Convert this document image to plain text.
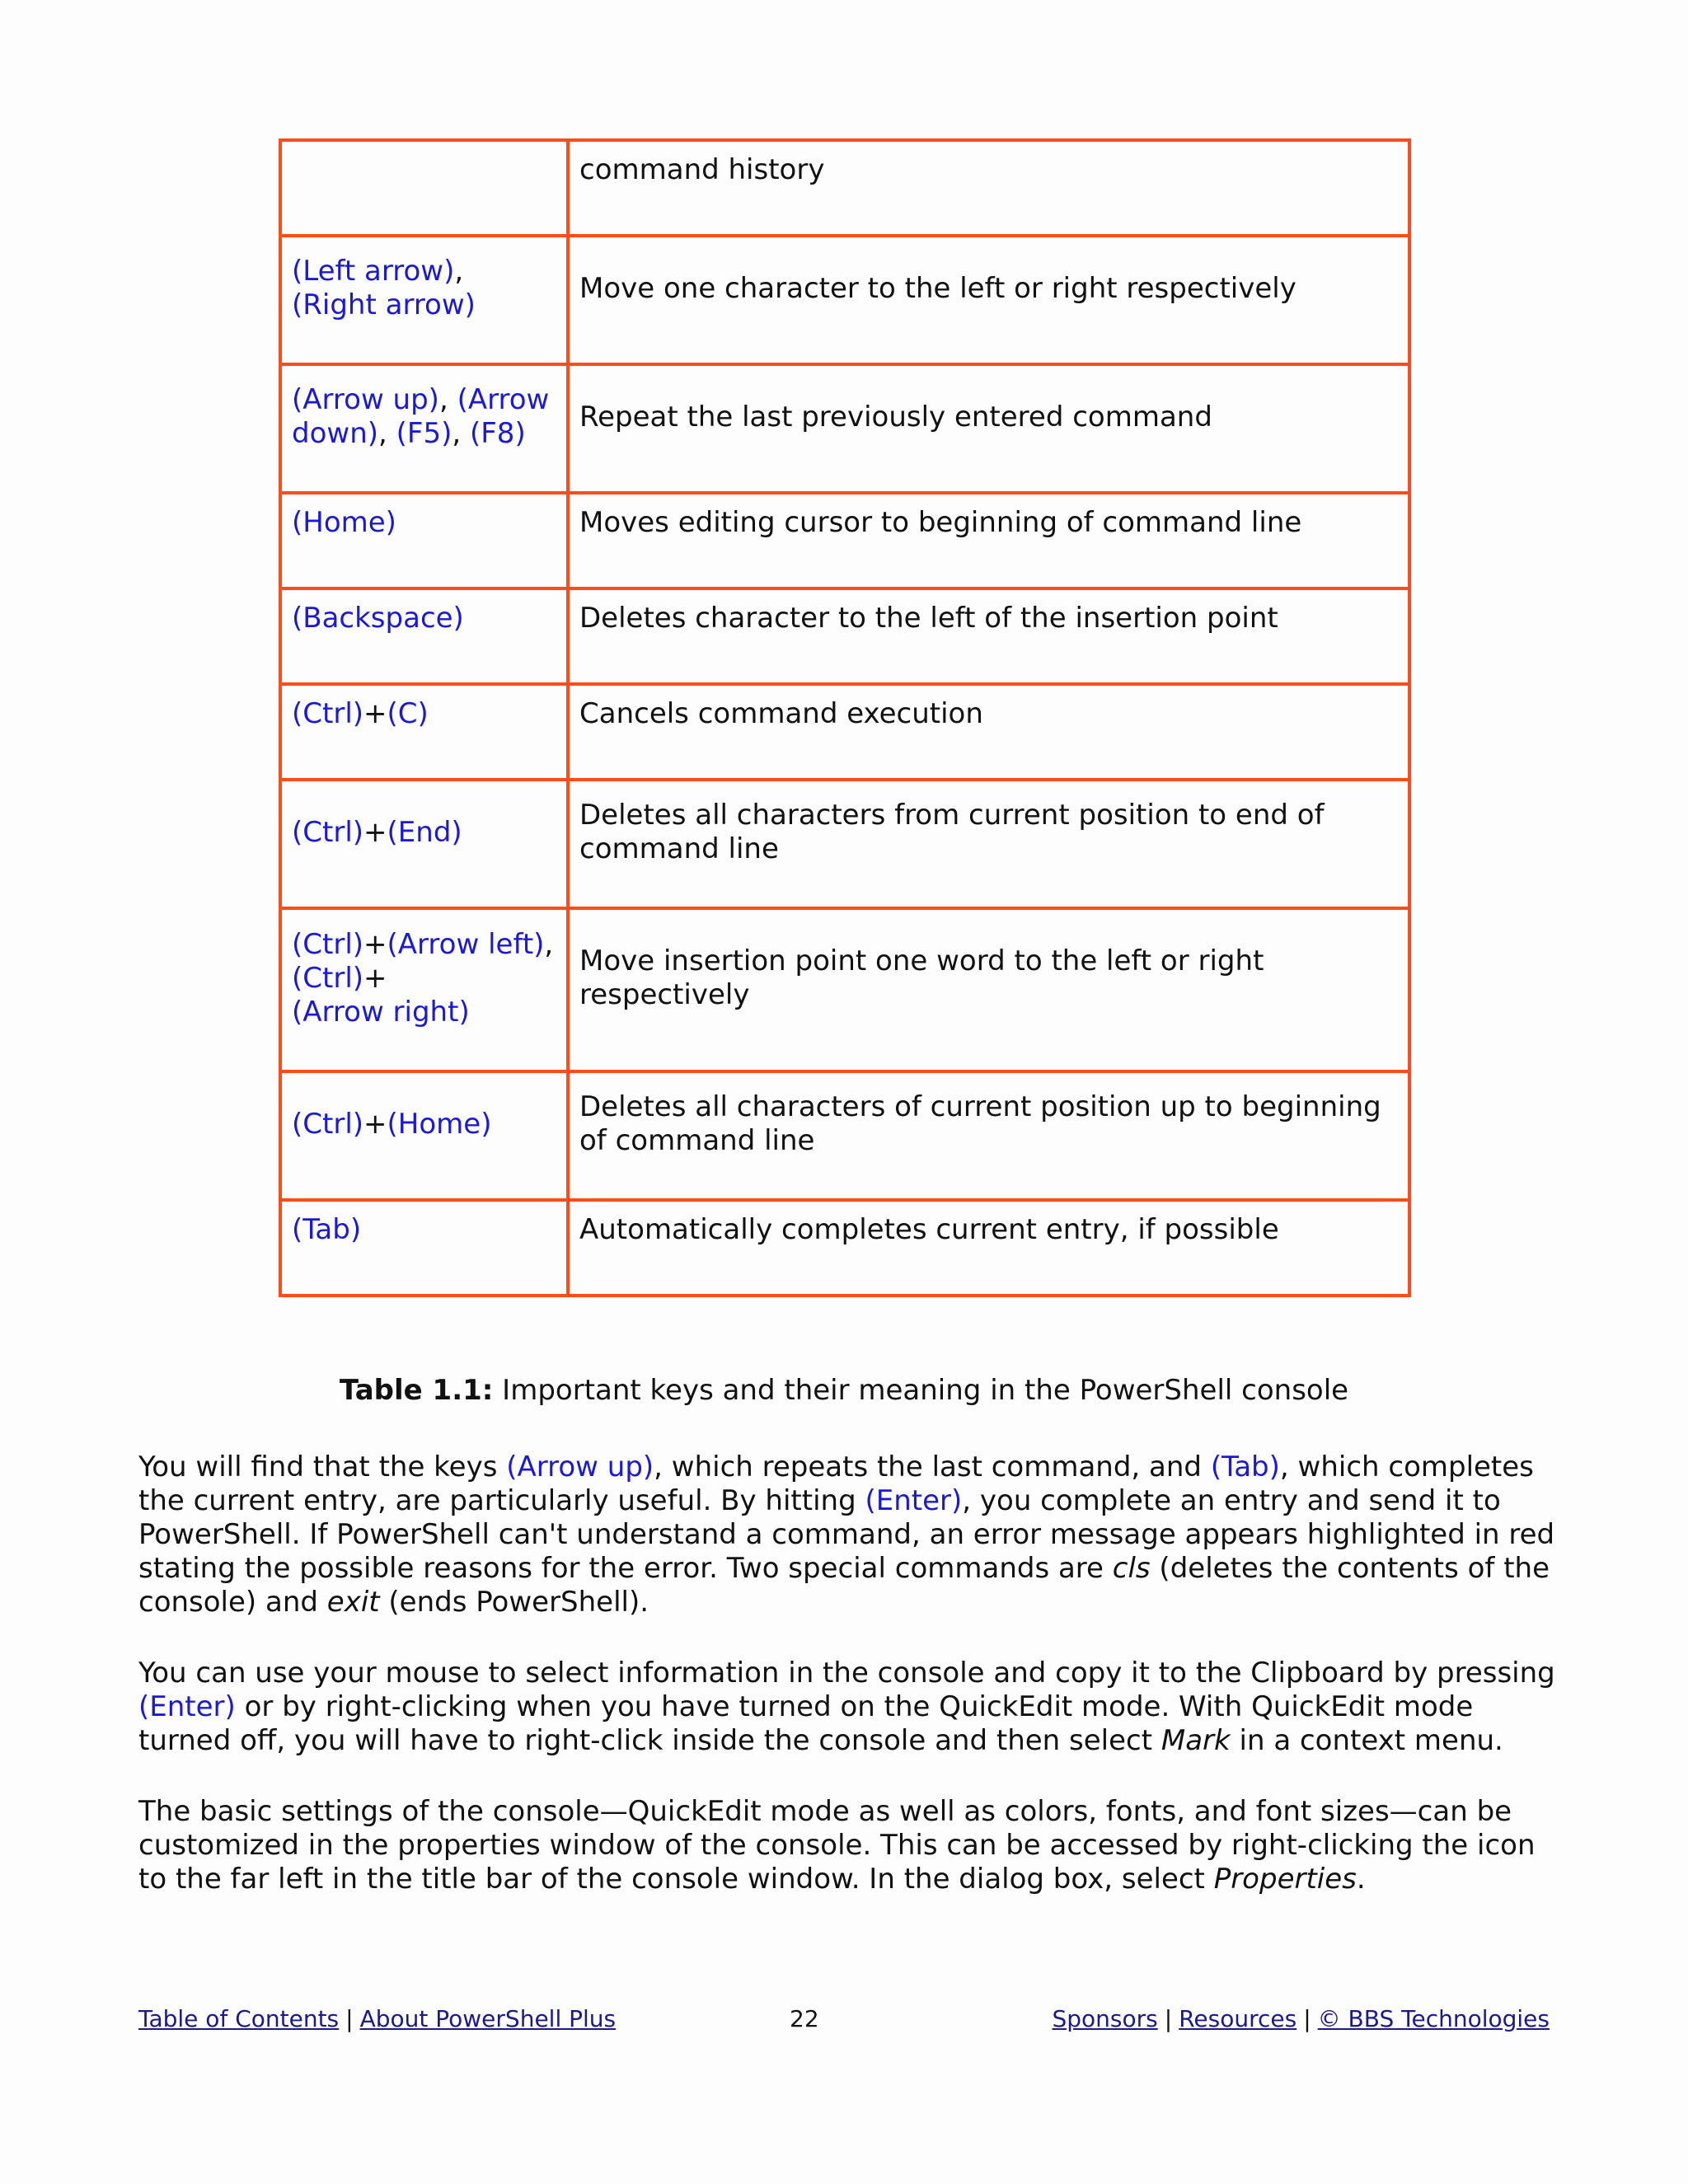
	command history
(Left arrow),
(Right arrow)	Move one character to the left or right respectively
(Arrow up), (Arrow down), (F5), (F8)	Repeat the last previously entered command
(Home)	Moves editing cursor to beginning of command line
(Backspace)	Deletes character to the left of the insertion point
(Ctrl)+(C)	Cancels command execution
(Ctrl)+(End)	Deletes all characters from current position to end of command line
(Ctrl)+(Arrow left), (Ctrl)+
(Arrow right)	Move insertion point one word to the left or right respectively
(Ctrl)+(Home)	Deletes all characters of current position up to beginning of command line
(Tab)	Automatically completes current entry, if possible
Table 1.1: Important keys and their meaning in the PowerShell console

You will find that the keys (Arrow up), which repeats the last command, and (Tab), which completes the current entry, are particularly useful. By hitting (Enter), you complete an entry and send it to PowerShell. If PowerShell can't understand a command, an error message appears highlighted in red stating the possible reasons for the error. Two special commands are cls (deletes the contents of the console) and exit (ends PowerShell).

You can use your mouse to select information in the console and copy it to the Clipboard by pressing (Enter) or by right-clicking when you have turned on the QuickEdit mode. With QuickEdit mode turned off, you will have to right-click inside the console and then select Mark in a context menu.

The basic settings of the console—QuickEdit mode as well as colors, fonts, and font sizes—can be customized in the properties window of the console. This can be accessed by right-clicking the icon to the far left in the title bar of the console window. In the dialog box, select Properties.

Table of Contents | About PowerShell Plus	22	Sponsors | Resources | © BBS Technologies
